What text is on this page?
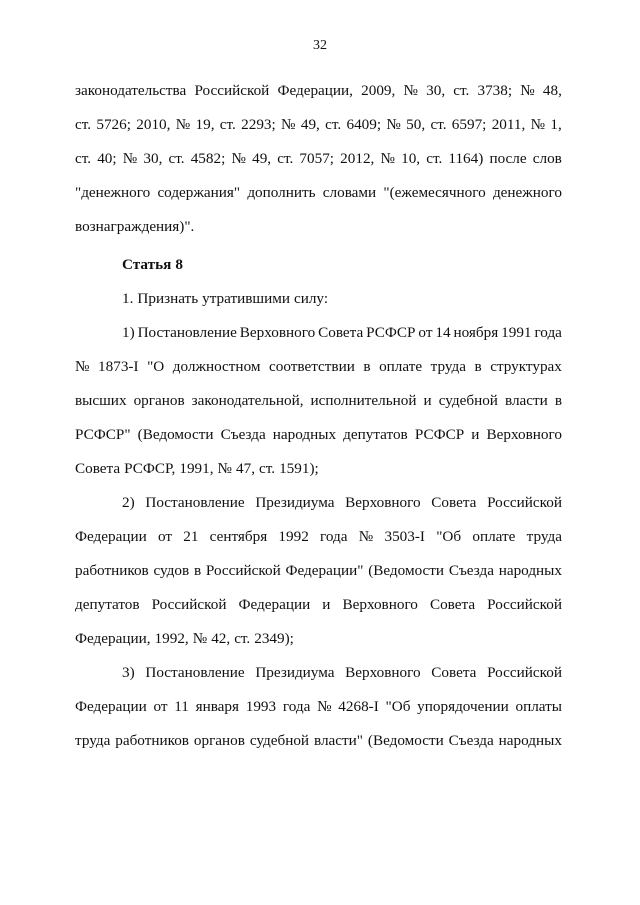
32
законодательства Российской Федерации, 2009, № 30, ст. 3738; № 48,
ст. 5726; 2010, № 19, ст. 2293; № 49, ст. 6409; № 50, ст. 6597; 2011, № 1,
ст. 40; № 30, ст. 4582; № 49, ст. 7057; 2012, № 10, ст. 1164) после слов
"денежного содержания" дополнить словами "(ежемесячного денежного
вознаграждения)".
Статья 8
1. Признать утратившими силу:
1) Постановление Верховного Совета РСФСР от 14 ноября 1991 года
№ 1873-I "О должностном соответствии в оплате труда в структурах
высших органов законодательной, исполнительной и судебной власти в
РСФСР" (Ведомости Съезда народных депутатов РСФСР и Верховного
Совета РСФСР, 1991, № 47, ст. 1591);
2) Постановление Президиума Верховного Совета Российской
Федерации от 21 сентября 1992 года № 3503-I "Об оплате труда
работников судов в Российской Федерации" (Ведомости Съезда народных
депутатов Российской Федерации и Верховного Совета Российской
Федерации, 1992, № 42, ст. 2349);
3) Постановление Президиума Верховного Совета Российской
Федерации от 11 января 1993 года № 4268-I "Об упорядочении оплаты
труда работников органов судебной власти" (Ведомости Съезда народных
